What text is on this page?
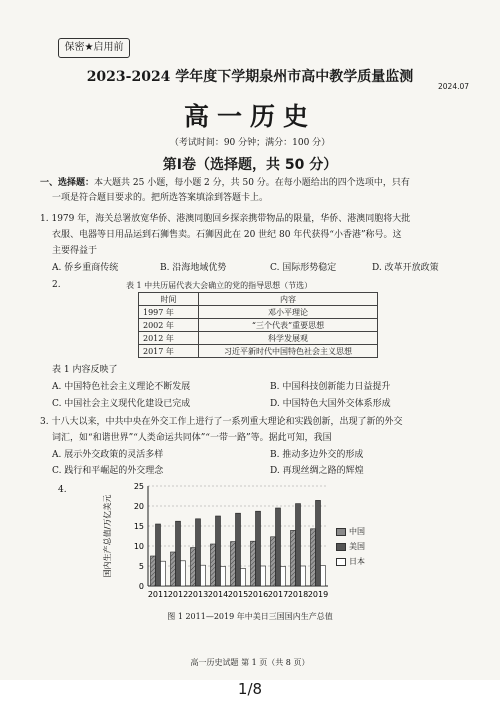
保密★启用前
2023-2024 学年度下学期泉州市高中教学质量监测
2024.07
高一历史
（考试时间：90 分钟；满分：100 分）
第Ⅰ卷（选择题，共 50 分）
一、选择题：本大题共 25 小题，每小题 2 分，共 50 分。在每小题给出的四个选项中，只有
一项是符合题目要求的。把所选答案填涂到答题卡上。
1. 1979 年，海关总署放宽华侨、港澳同胞回乡探亲携带物品的限量，华侨、港澳同胞将大批
衣服、电器等日用品运到石狮售卖。石狮因此在 20 世纪 80 年代获得“小香港”称号。这
主要得益于
A. 侨乡重商传统	B. 沿海地域优势	C. 国际形势稳定	D. 改革开放政策
2.	表 1 中共历届代表大会确立的党的指导思想（节选）
时间	内容
1997 年	邓小平理论
2002 年	“三个代表”重要思想
2012 年	科学发展观
2017 年	习近平新时代中国特色社会主义思想
表 1 内容反映了
A. 中国特色社会主义理论不断发展	B. 中国科技创新能力日益提升
C. 中国社会主义现代化建设已完成	D. 中国特色大国外交体系形成
3. 十八大以来，中共中央在外交工作上进行了一系列重大理论和实践创新，出现了新的外交
词汇，如“和谐世界”“人类命运共同体”“一带一路”等。据此可知，我国
A. 展示外交政策的灵活多样	B. 推动多边外交的形成
C. 践行和平崛起的外交理念	D. 再现丝绸之路的辉煌
4.
0
5
10
15
20
25
国内生产总值/万亿美元
2011 2012 2013 2014 2015 2016 2017 2018 2019
中国
美国
日本
图 1 2011—2019 年中美日三国国内生产总值
高一历史试题 第 1 页（共 8 页）
1/8
